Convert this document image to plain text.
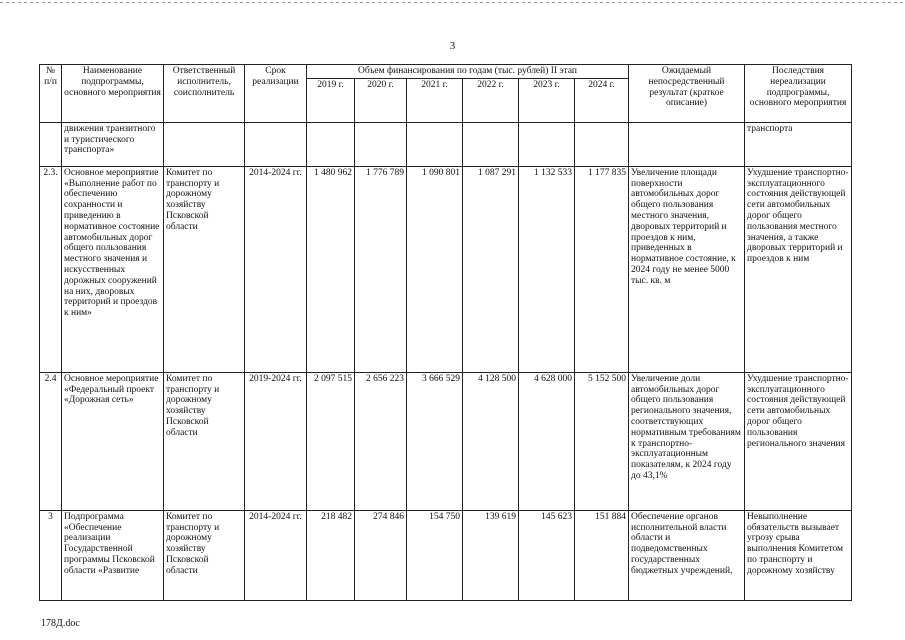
3
№ п/п	Наименование подпрограммы, основного мероприятия	Ответственный исполнитель, соисполнитель	Срок реализации	Объем финансирования по годам (тыс. рублей) II этап						Ожидаемый непосредственный результат (краткое описание)	Последствия нереализации подпрограммы, основного мероприятия
				2019 г.	2020 г.	2021 г.	2022 г.	2023 г.	2024 г.		
	движения транзитного и туристического транспорта»										транспорта
2.3.	Основное мероприятие «Выполнение работ по обеспечению сохранности и приведению в нормативное состояние автомобильных дорог общего пользования местного значения и искусственных дорожных сооружений на них, дворовых территорий и проездов к ним»	Комитет по транспорту и дорожному хозяйству Псковской области	2014-2024 гг.	1 480 962	1 776 789	1 090 801	1 087 291	1 132 533	1 177 835	Увеличение площади поверхности автомобильных дорог общего пользования местного значения, дворовых территорий и проездов к ним, приведенных в нормативное состояние, к 2024 году не менее 5000 тыс. кв. м	Ухудшение транспортно-эксплуатационного состояния действующей сети автомобильных дорог общего пользования местного значения, а также дворовых территорий и проездов к ним
2.4	Основное мероприятие «Федеральный проект «Дорожная сеть»	Комитет по транспорту и дорожному хозяйству Псковской области	2019-2024 гг.	2 097 515	2 656 223	3 666 529	4 128 500	4 628 000	5 152 500	Увеличение доли автомобильных дорог общего пользования регионального значения, соответствующих нормативным требованиям к транспортно-эксплуатационным показателям, к 2024 году до 43,1%	Ухудшение транспортно-эксплуатационного состояния действующей сети автомобильных дорог общего пользования регионального значения
3	Подпрограмма «Обеспечение реализации Государственной программы Псковской области «Развитие	Комитет по транспорту и дорожному хозяйству Псковской области	2014-2024 гг.	218 482	274 846	154 750	139 619	145 623	151 884	Обеспечение органов исполнительной власти области и подведомственных государственных бюджетных учреждений,	Невыполнение обязательств вызывает угрозу срыва выполнения Комитетом по транспорту и дорожному хозяйству
178Д.doc
